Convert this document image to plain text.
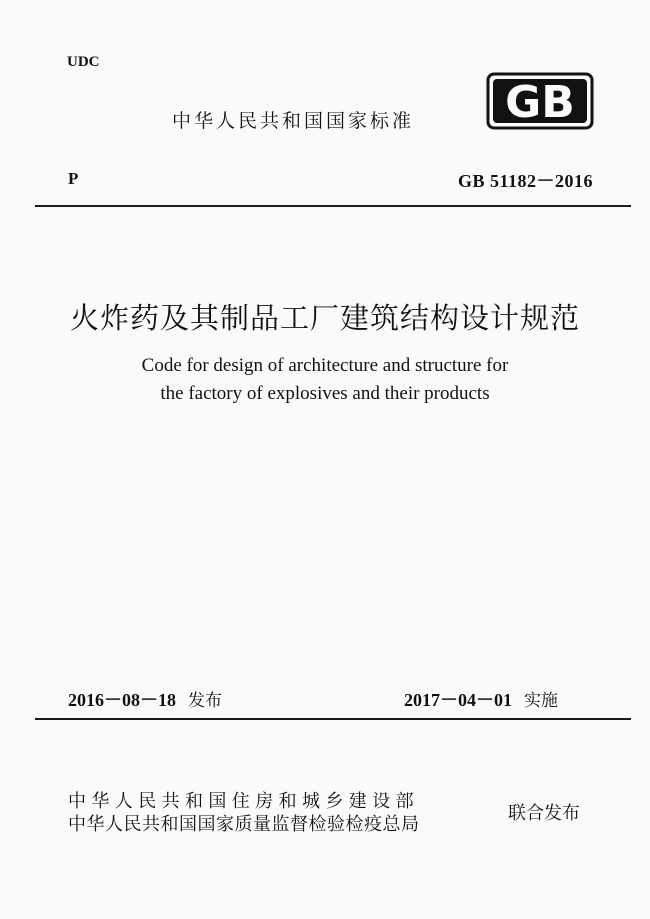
UDC
中华人民共和国国家标准 GB
P	GB 51182－2016
火炸药及其制品工厂建筑结构设计规范
Code for design of architecture and structure for
the factory of explosives and their products
2016－08－18 发布	2017－04－01 实施
中华人民共和国住房和城乡建设部
中华人民共和国国家质量监督检验检疫总局
联合发布
